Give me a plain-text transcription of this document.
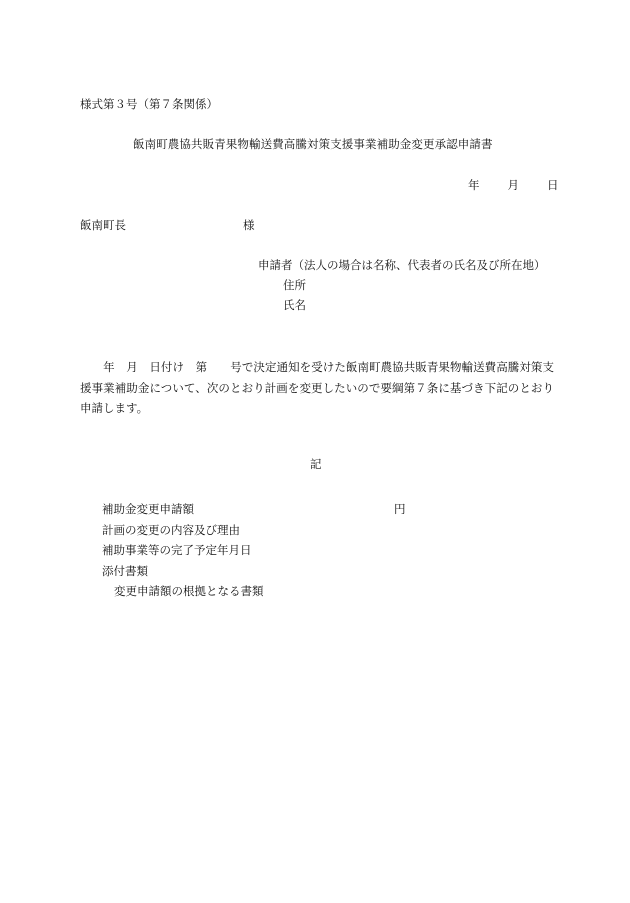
様式第３号（第７条関係）
飯南町農協共販青果物輸送費高騰対策支援事業補助金変更承認申請書
年 月 日
飯南町長	様
申請者（法人の場合は名称、代表者の氏名及び所在地）
住所
氏名
　　年　月　日付け　第　　号で決定通知を受けた飯南町農協共販青果物輸送費高騰対策支援事業補助金について、次のとおり計画を変更したいので要綱第７条に基づき下記のとおり申請します。
記
補助金変更申請額	円
計画の変更の内容及び理由
補助事業等の完了予定年月日
添付書類
変更申請額の根拠となる書類
